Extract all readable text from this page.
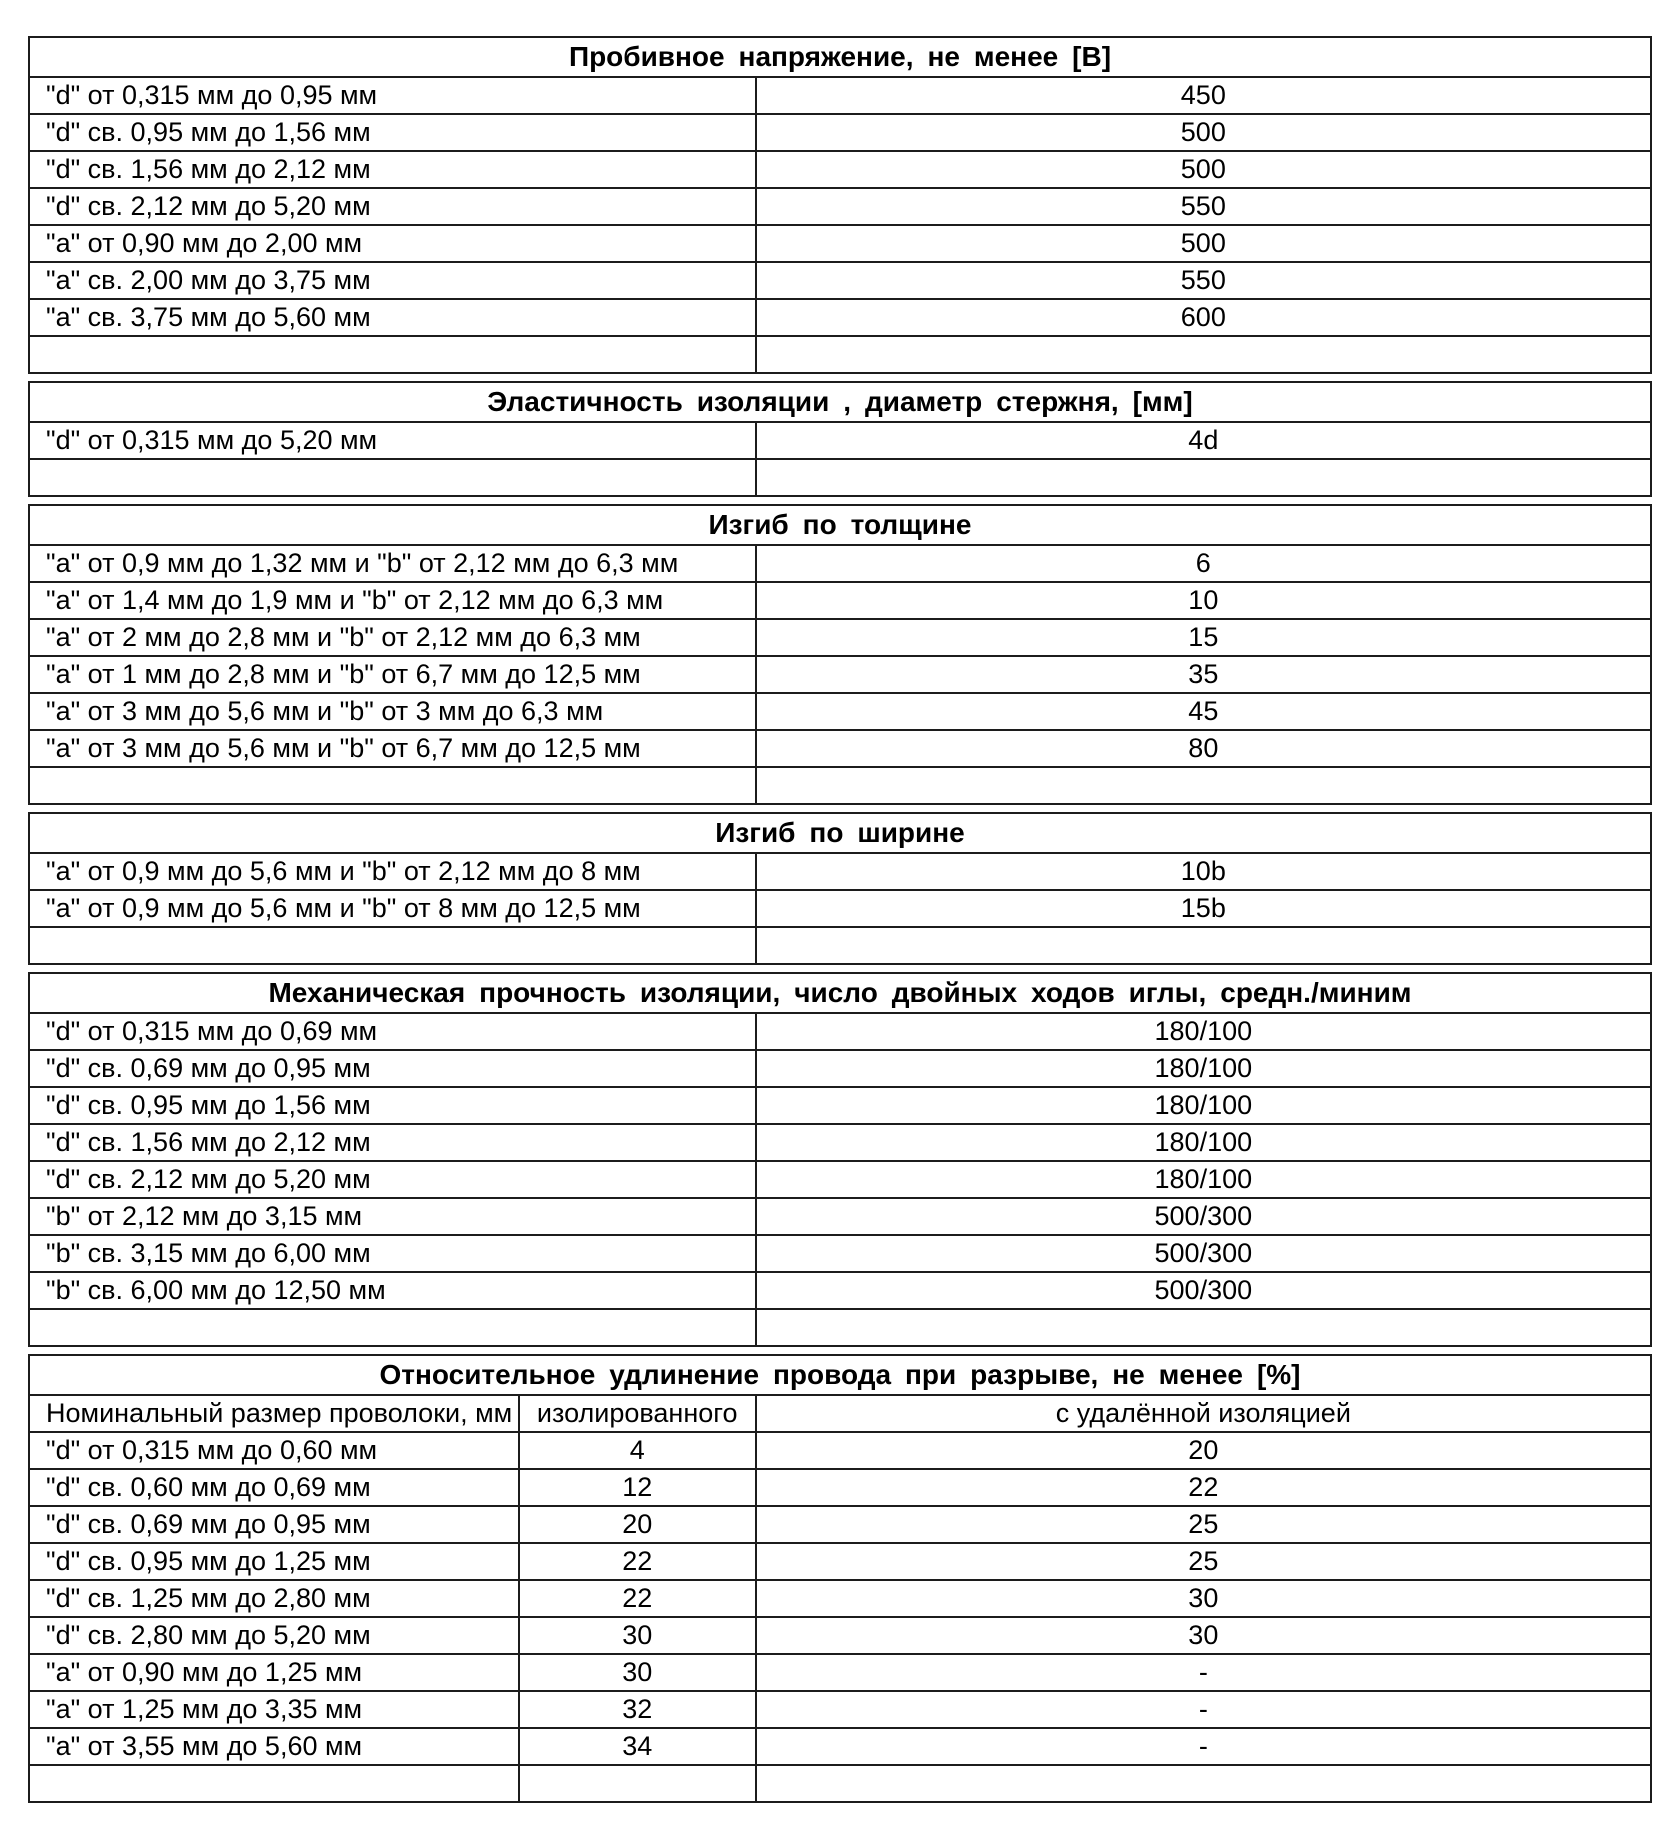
Пробивное напряжение, не менее [В]	
"d" от 0,315 мм до 0,95 мм	450
"d" св. 0,95 мм до 1,56 мм	500
"d" св. 1,56 мм до 2,12 мм	500
"d" св. 2,12 мм до 5,20 мм	550
"a" от 0,90 мм до 2,00 мм	500
"a" св. 2,00 мм до 3,75 мм	550
"a" св. 3,75 мм до 5,60 мм	600

Эластичность изоляции , диаметр стержня, [мм]	
"d" от 0,315 мм до 5,20 мм	4d

Изгиб по толщине	
"a" от 0,9 мм до 1,32 мм и "b" от 2,12 мм до 6,3 мм	6
"a" от 1,4 мм до 1,9 мм и "b" от 2,12 мм до 6,3 мм	10
"a" от 2 мм до 2,8 мм и "b" от 2,12 мм до 6,3 мм	15
"a" от 1 мм до 2,8 мм и "b" от 6,7 мм до 12,5 мм	35
"a" от 3 мм до 5,6 мм и "b" от 3 мм до 6,3 мм	45
"a" от 3 мм до 5,6 мм и "b" от 6,7 мм до 12,5 мм	80

Изгиб по ширине	
"a" от 0,9 мм до 5,6 мм и "b" от 2,12 мм до 8 мм	10b
"a" от 0,9 мм до 5,6 мм и "b" от 8 мм до 12,5 мм	15b

Механическая прочность изоляции, число двойных ходов иглы, средн./миним	
"d" от 0,315 мм до 0,69 мм	180/100
"d" св. 0,69 мм до 0,95 мм	180/100
"d" св. 0,95 мм до 1,56 мм	180/100
"d" св. 1,56 мм до 2,12 мм	180/100
"d" св. 2,12 мм до 5,20 мм	180/100
"b" от 2,12 мм до 3,15 мм	500/300
"b" св. 3,15 мм до 6,00 мм	500/300
"b" св. 6,00 мм до 12,50 мм	500/300

Относительное удлинение провода при разрыве, не менее [%]		
Номинальный размер проволоки, мм	изолированного	с удалённой изоляцией
"d" от 0,315 мм до 0,60 мм	4	20
"d" св. 0,60 мм до 0,69 мм	12	22
"d" св. 0,69 мм до 0,95 мм	20	25
"d" св. 0,95 мм до 1,25 мм	22	25
"d" св. 1,25 мм до 2,80 мм	22	30
"d" св. 2,80 мм до 5,20 мм	30	30
"a" от 0,90 мм до 1,25 мм	30	-
"a" от 1,25 мм до 3,35 мм	32	-
"a" от 3,55 мм до 5,60 мм	34	-
